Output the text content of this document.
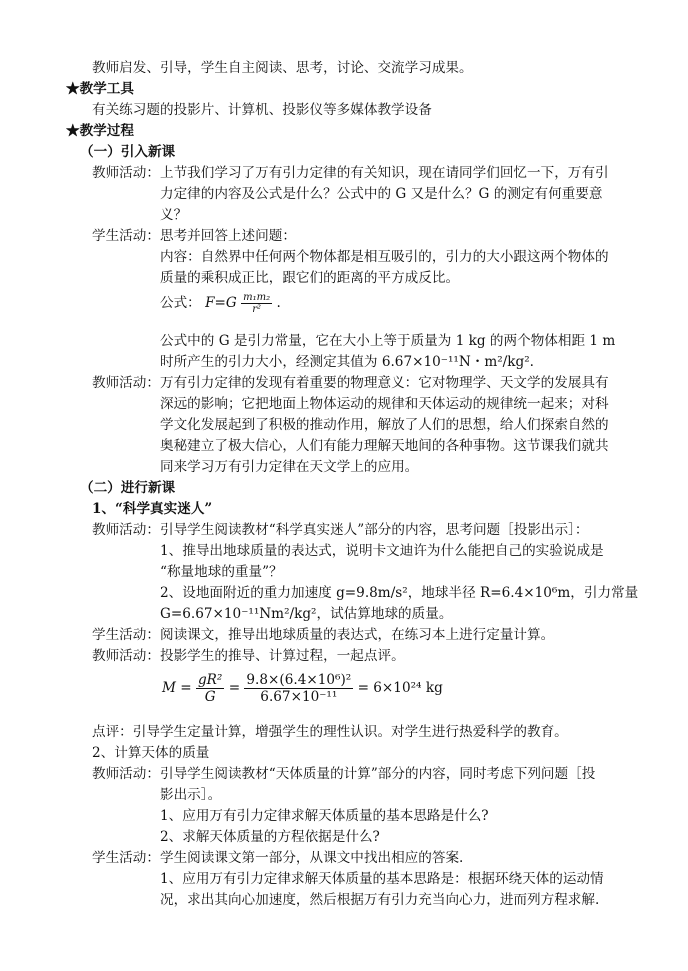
教师启发、引导，学生自主阅读、思考，讨论、交流学习成果。
★教学工具
有关练习题的投影片、计算机、投影仪等多媒体教学设备
★教学过程
（一）引入新课
教师活动： 上节我们学习了万有引力定律的有关知识，现在请同学们回忆一下，万有引
力定律的内容及公式是什么？公式中的 G 又是什么？G 的测定有何重要意
义？
学生活动： 思考并回答上述问题：
内容：自然界中任何两个物体都是相互吸引的，引力的大小跟这两个物体的
质量的乘积成正比，跟它们的距离的平方成反比。
公式： $F=G \frac{\text{m₁m₂}}{\text{r²}}$ .
公式中的 G 是引力常量，它在大小上等于质量为 1 kg 的两个物体相距 1 m
时所产生的引力大小，经测定其值为 6.67×10⁻¹¹N・m²/kg².
教师活动： 万有引力定律的发现有着重要的物理意义：它对物理学、天文学的发展具有
深远的影响；它把地面上物体运动的规律和天体运动的规律统一起来；对科
学文化发展起到了积极的推动作用，解放了人们的思想，给人们探索自然的
奥秘建立了极大信心，人们有能力理解天地间的各种事物。这节课我们就共
同来学习万有引力定律在天文学上的应用。
（二）进行新课
1、“科学真实迷人”
教师活动： 引导学生阅读教材“科学真实迷人”部分的内容，思考问题［投影出示］：
1、推导出地球质量的表达式，说明卡文迪许为什么能把自己的实验说成是
“称量地球的重量”？
2、设地面附近的重力加速度 g=9.8m/s²，地球半径 R=6.4×10⁶m，引力常量
G=6.67×10⁻¹¹Nm²/kg²，试估算地球的质量。
学生活动： 阅读课文，推导出地球质量的表达式，在练习本上进行定量计算。
教师活动： 投影学生的推导、计算过程，一起点评。
$M = \frac{\text{gR²}}{G} = \frac{\text{9.8×(6.4×10⁶)²}}{\text{6.67×10⁻¹¹}} = 6\times 10^{24}$ kg
点评：引导学生定量计算，增强学生的理性认识。对学生进行热爱科学的教育。
2、计算天体的质量
教师活动： 引导学生阅读教材“天体质量的计算”部分的内容，同时考虑下列问题［投
影出示］。
1、应用万有引力定律求解天体质量的基本思路是什么?
2、求解天体质量的方程依据是什么?
学生活动： 学生阅读课文第一部分，从课文中找出相应的答案.
1、应用万有引力定律求解天体质量的基本思路是：根据环绕天体的运动情
况，求出其向心加速度，然后根据万有引力充当向心力，进而列方程求解.
